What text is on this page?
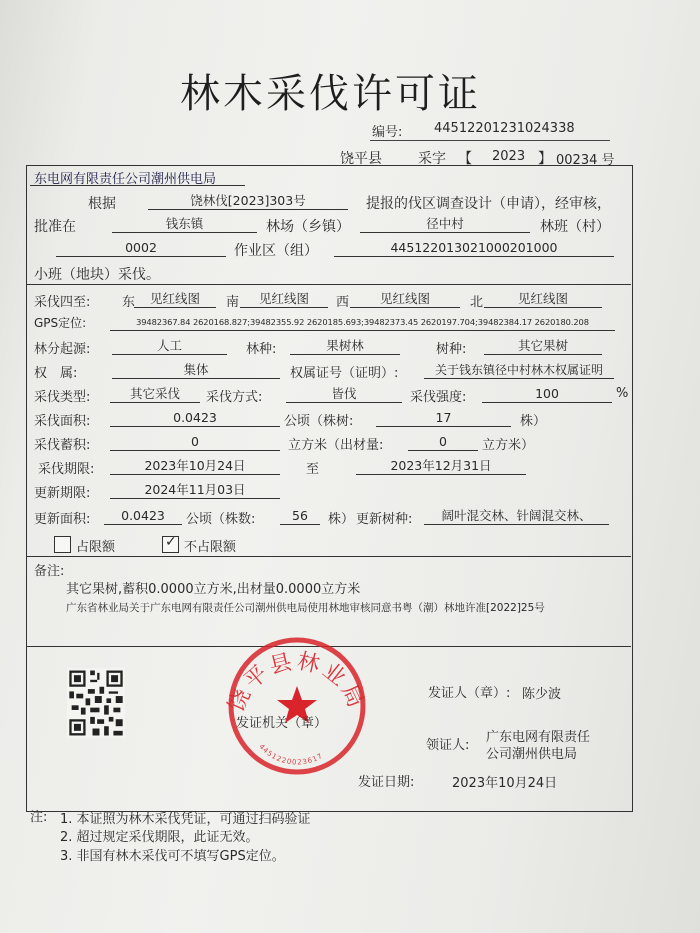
林木采伐许可证
编号: 44512201231024338
饶平县	采字 【 2023 】 00234 号
东电网有限责任公司潮州供电局
根据	饶林伐[2023]303号	提报的伐区调查设计（申请），经审核，
批准在	钱东镇	林场（乡镇）	径中村	林班（村）
0002	作业区（组）	445122013021000201000
小班（地块）采伐。
采伐四至: 东	见红线图	南	见红线图	西	见红线图	北	见红线图
GPS定位:	39482367.84 2620168.827;39482355.92 2620185.693;39482373.45 2620197.704;39482384.17 2620180.208
林分起源:	人工	林种:	果树林	树种:	其它果树
权　属:	集体	权属证号（证明）:	关于钱东镇径中村林木权属证明
采伐类型:	其它采伐	采伐方式:	皆伐	采伐强度:	100	%
采伐面积:	0.0423	公顷（株树:	17	株）
采伐蓄积:	0	立方米（出材量:	0	立方米）
采伐期限:	2023年10月24日	至	2023年12月31日
更新期限:	2024年11月03日
更新面积:	0.0423	公顷（株数:	56	株） 更新树种:	阔叶混交林、针阔混交林、
占限额	✓ 不占限额
备注:
其它果树,蓄积0.0000立方米,出材量0.0000立方米
广东省林业局关于广东电网有限责任公司潮州供电局使用林地审核同意书粤（潮）林地许准[2022]25号
饶平县林业局
4451220023617
发证机关（章）
发证人（章）: 陈少波
领证人:
广东电网有限责任
公司潮州供电局
发证日期:	2023年10月24日
注: 1. 本证照为林木采伐凭证，可通过扫码验证
2. 超过规定采伐期限，此证无效。
3. 非国有林木采伐可不填写GPS定位。
